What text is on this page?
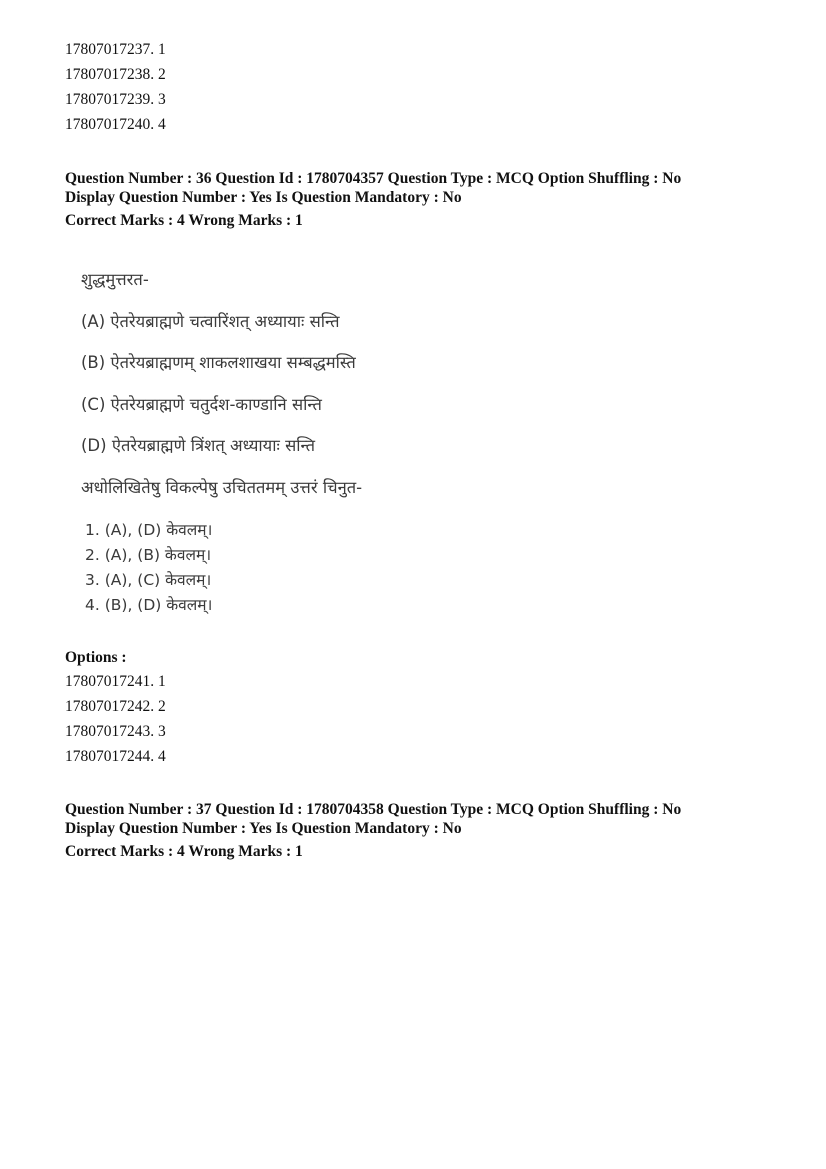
17807017237. 1
17807017238. 2
17807017239. 3
17807017240. 4
Question Number : 36 Question Id : 1780704357 Question Type : MCQ Option Shuffling : No
Display Question Number : Yes Is Question Mandatory : No
Correct Marks : 4 Wrong Marks : 1
शुद्धमुत्तरत-
(A) ऐतरेयब्राह्मणे चत्वारिंशत् अध्यायाः सन्ति
(B) ऐतरेयब्राह्मणम् शाकलशाखया सम्बद्धमस्ति
(C) ऐतरेयब्राह्मणे चतुर्दश-काण्डानि सन्ति
(D) ऐतरेयब्राह्मणे त्रिंशत् अध्यायाः सन्ति
अधोलिखितेषु विकल्पेषु उचिततमम् उत्तरं चिनुत-
1. (A), (D) केवलम्।
2. (A), (B) केवलम्।
3. (A), (C) केवलम्।
4. (B), (D) केवलम्।
Options :
17807017241. 1
17807017242. 2
17807017243. 3
17807017244. 4
Question Number : 37 Question Id : 1780704358 Question Type : MCQ Option Shuffling : No
Display Question Number : Yes Is Question Mandatory : No
Correct Marks : 4 Wrong Marks : 1
